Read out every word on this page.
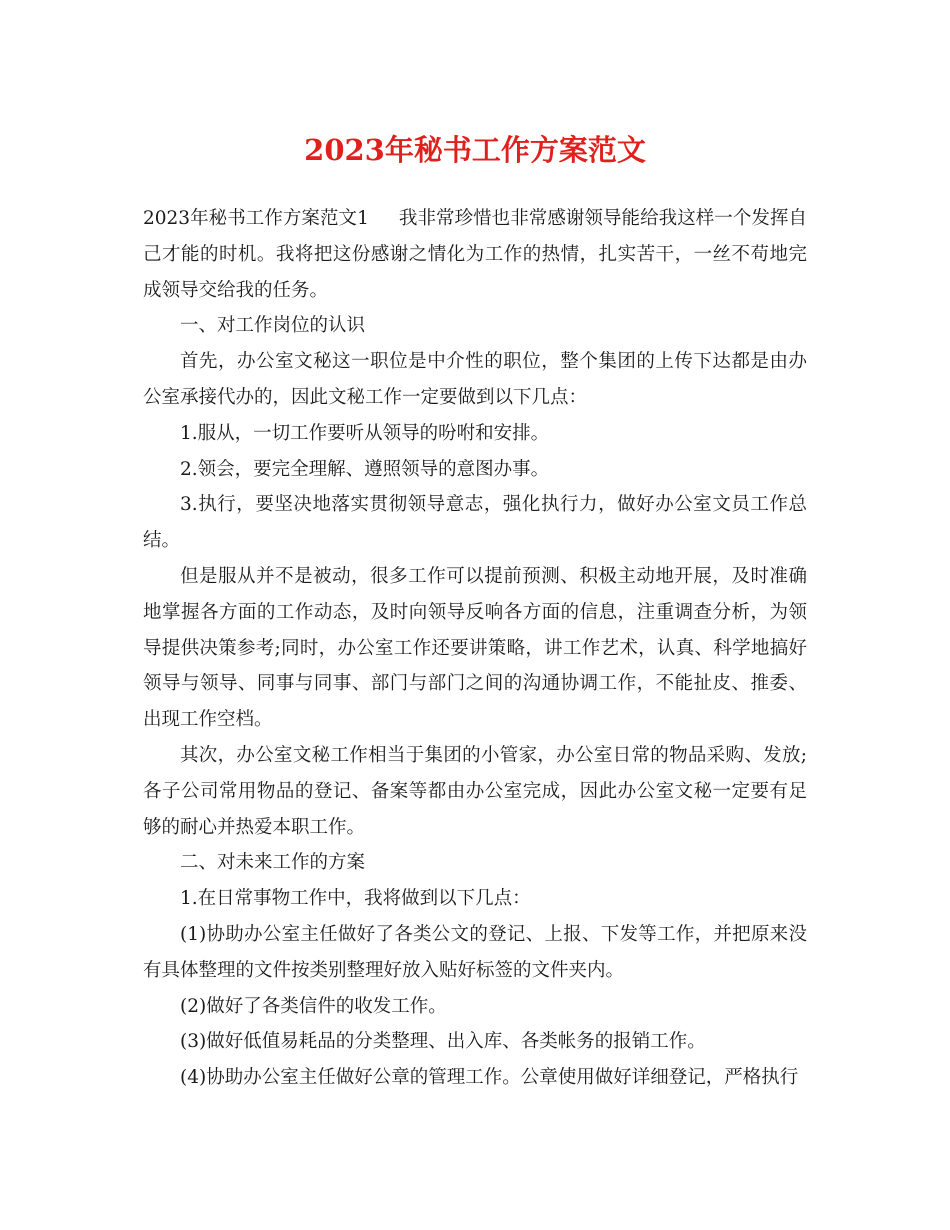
2023年秘书工作方案范文

2023年秘书工作方案范文1 我非常珍惜也非常感谢领导能给我这样一个发挥自己才能的时机。我将把这份感谢之情化为工作的热情，扎实苦干，一丝不苟地完成领导交给我的任务。

一、对工作岗位的认识

首先，办公室文秘这一职位是中介性的职位，整个集团的上传下达都是由办公室承接代办的，因此文秘工作一定要做到以下几点：

1.服从，一切工作要听从领导的吩咐和安排。

2.领会，要完全理解、遵照领导的意图办事。

3.执行，要坚决地落实贯彻领导意志，强化执行力，做好办公室文员工作总结。

但是服从并不是被动，很多工作可以提前预测、积极主动地开展，及时准确地掌握各方面的工作动态，及时向领导反响各方面的信息，注重调查分析，为领导提供决策参考;同时，办公室工作还要讲策略，讲工作艺术，认真、科学地搞好领导与领导、同事与同事、部门与部门之间的沟通协调工作，不能扯皮、推委、出现工作空档。

其次，办公室文秘工作相当于集团的小管家，办公室日常的物品采购、发放;各子公司常用物品的登记、备案等都由办公室完成，因此办公室文秘一定要有足够的耐心并热爱本职工作。

二、对未来工作的方案

1.在日常事物工作中，我将做到以下几点：

(1)协助办公室主任做好了各类公文的登记、上报、下发等工作，并把原来没有具体整理的文件按类别整理好放入贴好标签的文件夹内。

(2)做好了各类信件的收发工作。

(3)做好低值易耗品的分类整理、出入库、各类帐务的报销工作。

(4)协助办公室主任做好公章的管理工作。公章使用做好详细登记，严格执行
